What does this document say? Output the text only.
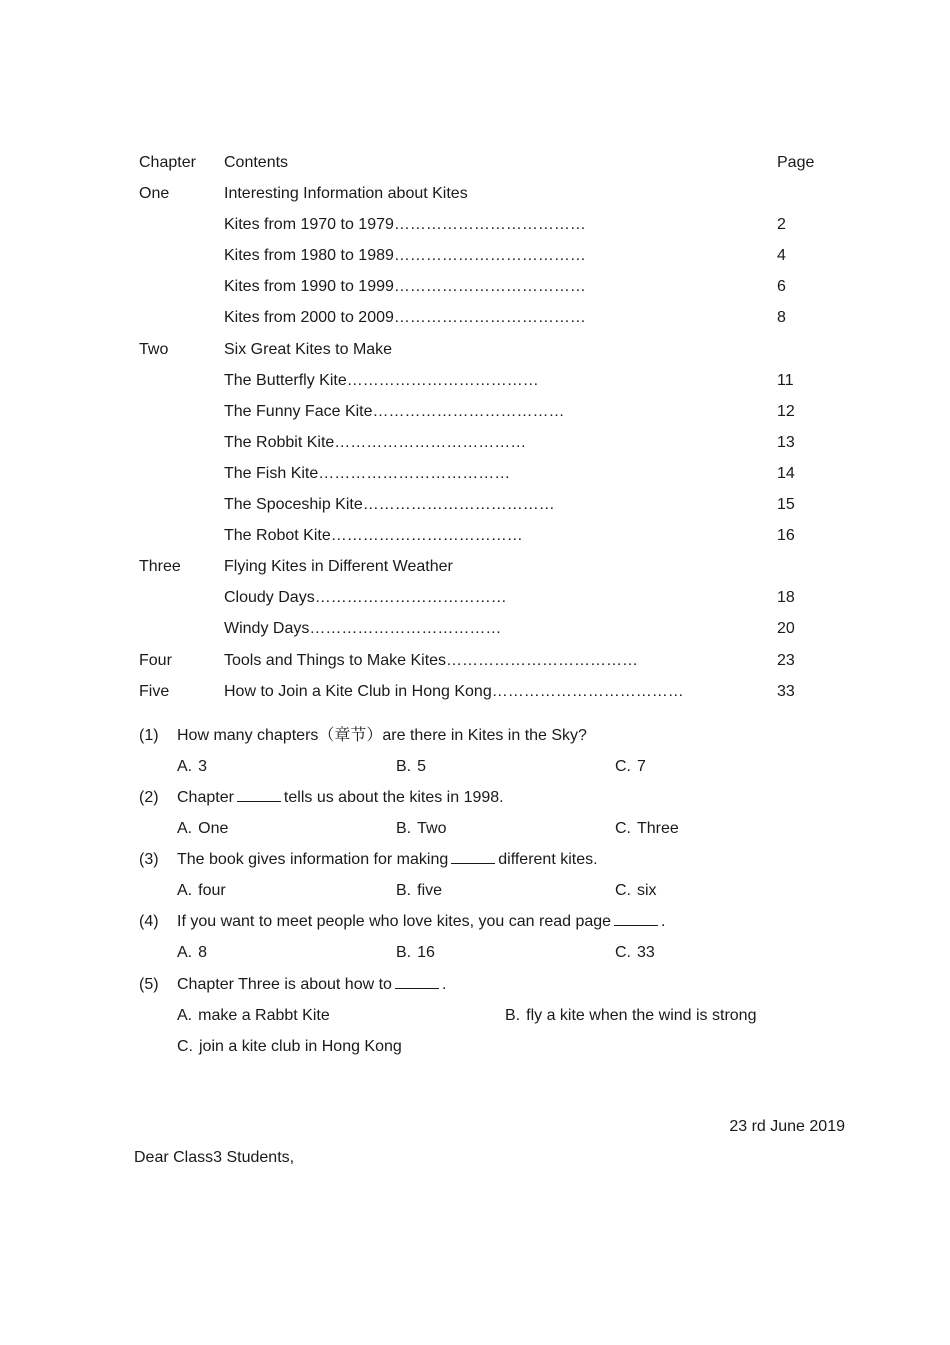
Chapter Contents	Page
One	Interesting Information about Kites
Kites from 1970 to 1979………………………………	2
Kites from 1980 to 1989………………………………	4
Kites from 1990 to 1999………………………………	6
Kites from 2000 to 2009………………………………	8
Two	Six Great Kites to Make
The Butterfly Kite………………………………	11
The Funny Face Kite………………………………	12
The Robbit Kite………………………………	13
The Fish Kite………………………………	14
The Spoceship Kite………………………………	15
The Robot Kite………………………………	16
Three	Flying Kites in Different Weather
Cloudy Days………………………………	18
Windy Days………………………………	20
Four	Tools and Things to Make Kites………………………………	23
Five	How to Join a Kite Club in Hong Kong………………………………	33
(1) How many chapters（章节）are there in Kites in the Sky?
A. 3	B. 5	C. 7
(2) Chapter	tells us about the kites in 1998.
A. One	B. Two	C. Three
(3) The book gives information for making	different kites.
A. four	B. five	C. six
(4) If you want to meet people who love kites, you can read page	.
A. 8	B. 16	C. 33
(5) Chapter Three is about how to	.
A. make a Rabbt Kite	B. fly a kite when the wind is strong
C. join a kite club in Hong Kong
23 rd June 2019
Dear Class3 Students,
